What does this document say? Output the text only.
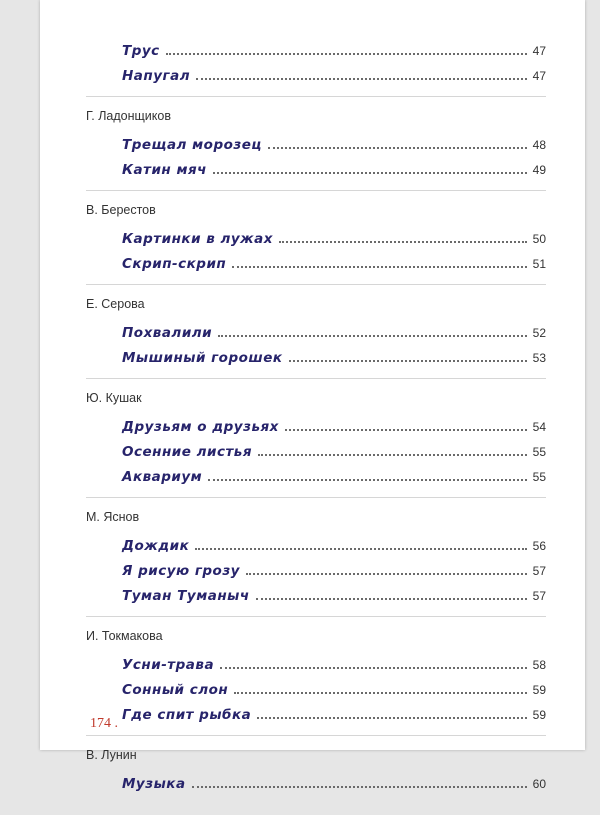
Трус	47
Напугал	47
Г. Ладонщиков
Трещал морозец	48
Катин мяч	49
В. Берестов
Картинки в лужах	50
Скрип-скрип	51
Е. Серова
Похвалили	52
Мышиный горошек	53
Ю. Кушак
Друзьям о друзьях	54
Осенние листья	55
Аквариум	55
М. Яснов
Дождик	56
Я рисую грозу	57
Туман Туманыч	57
И. Токмакова
Усни-трава	58
Сонный слон	59
Где спит рыбка	59
В. Лунин
Музыка	60
174 .
